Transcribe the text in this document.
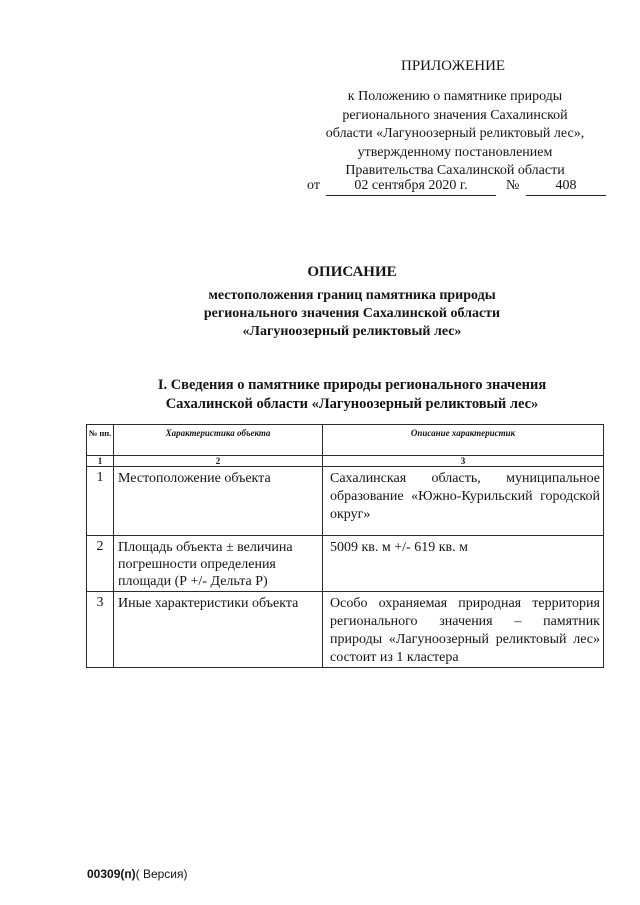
ПРИЛОЖЕНИЕ
к Положению о памятнике природы
регионального значения Сахалинской
области «Лагуноозерный реликтовый лес»,
утвержденному постановлением
Правительства Сахалинской области
от	02 сентября 2020 г.	№	408
ОПИСАНИЕ
местоположения границ памятника природы
регионального значения Сахалинской области
«Лагуноозерный реликтовый лес»
I. Сведения о памятнике природы регионального значения
Сахалинской области «Лагуноозерный реликтовый лес»
№ пп.	Характеристика объекта	Описание характеристик
1	2	3
1	Местоположение объекта	Сахалинская область, муниципальное образование «Южно-Курильский городской округ»
2	Площадь объекта ± величина погрешности определения площади (Р +/- Дельта Р)	5009 кв. м +/- 619 кв. м
3	Иные характеристики объекта	Особо охраняемая природная территория регионального значения – памятник природы «Лагуноозерный реликтовый лес» состоит из 1 кластера
00309(п)( Версия)
